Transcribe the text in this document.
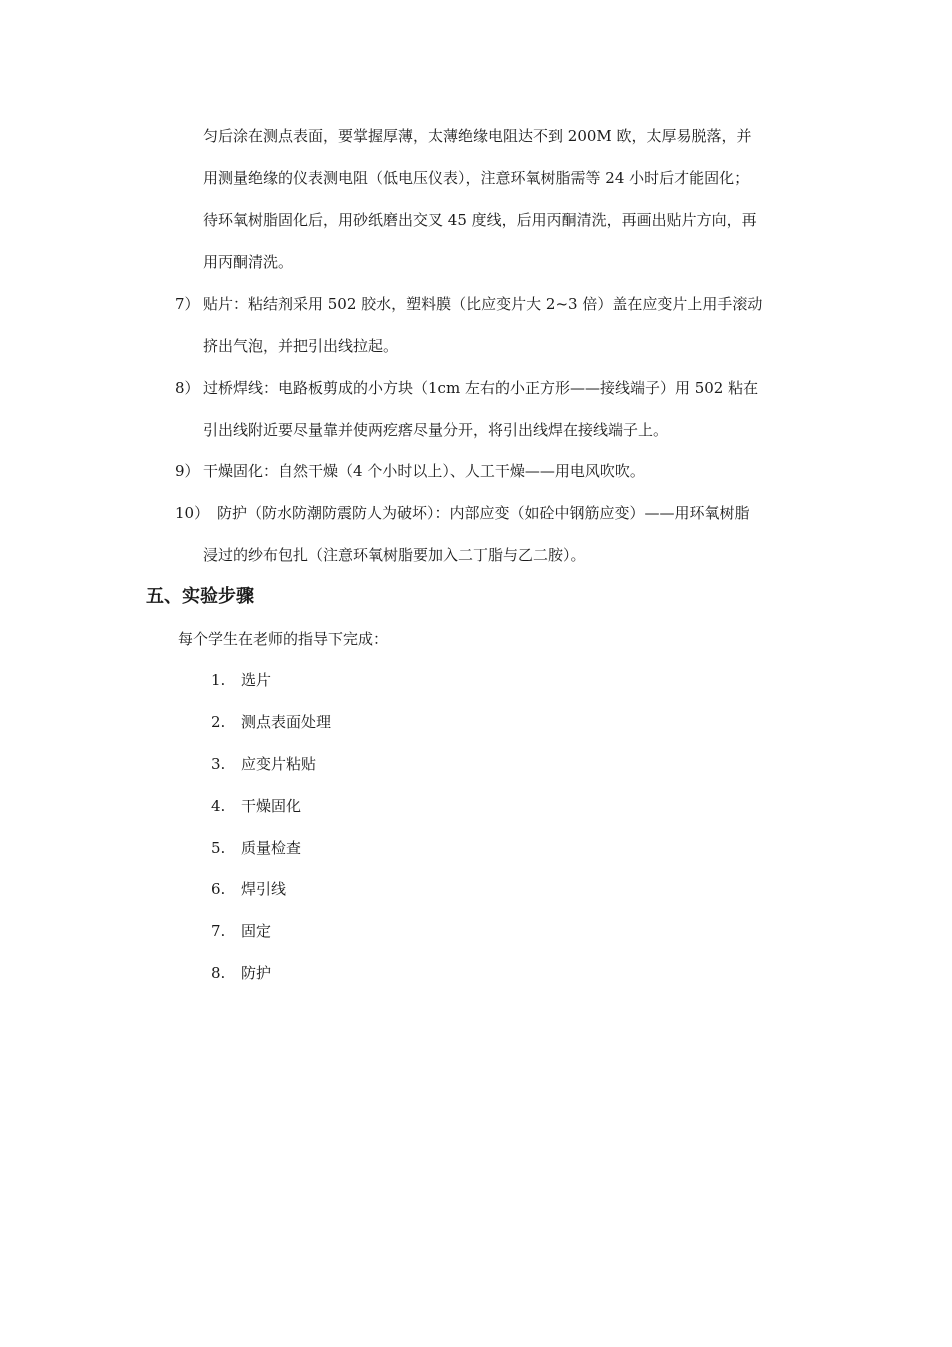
匀后涂在测点表面，要掌握厚薄，太薄绝缘电阻达不到 200M 欧，太厚易脱落，并
用测量绝缘的仪表测电阻（低电压仪表），注意环氧树脂需等 24 小时后才能固化；
待环氧树脂固化后，用砂纸磨出交叉 45 度线，后用丙酮清洗，再画出贴片方向，再
用丙酮清洗。
7） 贴片：粘结剂采用 502 胶水，塑料膜（比应变片大 2~3 倍）盖在应变片上用手滚动
挤出气泡，并把引出线拉起。
8） 过桥焊线：电路板剪成的小方块（1cm 左右的小正方形——接线端子）用 502 粘在
引出线附近要尽量靠并使两疙瘩尽量分开，将引出线焊在接线端子上。
9） 干燥固化：自然干燥（4 个小时以上）、人工干燥——用电风吹吹。
10） 防护（防水防潮防震防人为破坏）：内部应变（如砼中钢筋应变）——用环氧树脂
浸过的纱布包扎（注意环氧树脂要加入二丁脂与乙二胺）。
五、实验步骤
每个学生在老师的指导下完成：
1. 选片
2. 测点表面处理
3. 应变片粘贴
4. 干燥固化
5. 质量检查
6. 焊引线
7. 固定
8. 防护
